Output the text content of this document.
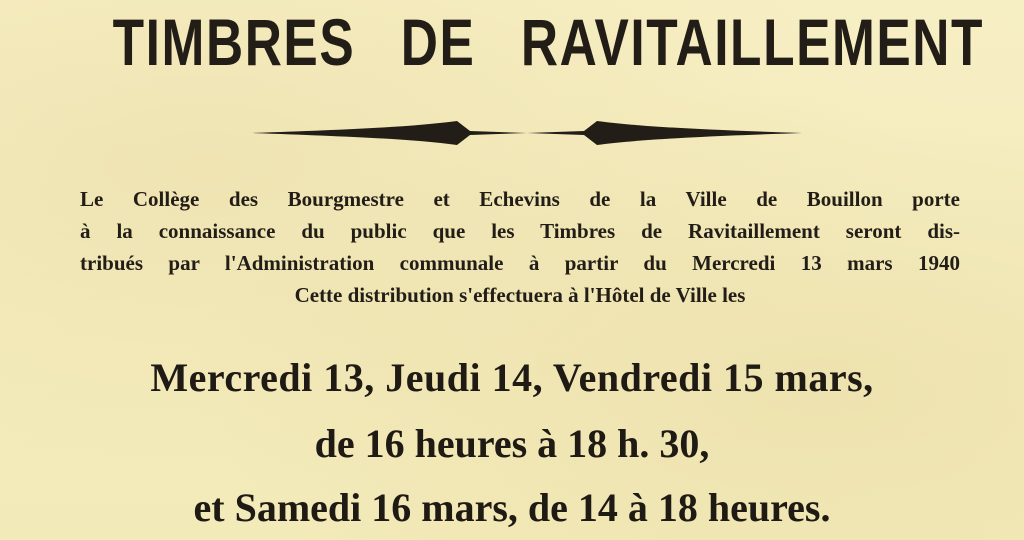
TIMBRES DE RAVITAILLEMENT
Le Collège des Bourgmestre et Echevins de la Ville de Bouillon porte
à la connaissance du public que les Timbres de Ravitaillement seront dis-
tribués par l'Administration communale à partir du Mercredi 13 mars 1940
Cette distribution s'effectuera à l'Hôtel de Ville les
Mercredi 13, Jeudi 14, Vendredi 15 mars,
de 16 heures à 18 h. 30,
et Samedi 16 mars, de 14 à 18 heures.
